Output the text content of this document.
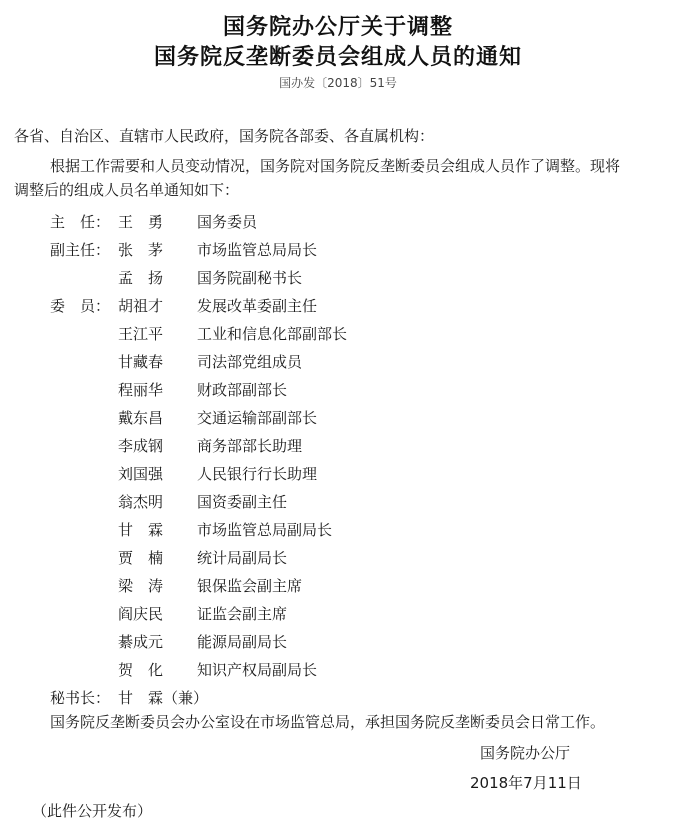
国务院办公厅关于调整
国务院反垄断委员会组成人员的通知
国办发〔2018〕51号
各省、自治区、直辖市人民政府，国务院各部委、各直属机构：
根据工作需要和人员变动情况，国务院对国务院反垄断委员会组成人员作了调整。现将
调整后的组成人员名单通知如下：
主　任： 王　勇 国务委员
副主任： 张　茅 市场监管总局局长
孟　扬 国务院副秘书长
委　员： 胡祖才 发展改革委副主任
王江平 工业和信息化部副部长
甘藏春 司法部党组成员
程丽华 财政部副部长
戴东昌 交通运输部副部长
李成钢 商务部部长助理
刘国强 人民银行行长助理
翁杰明 国资委副主任
甘　霖 市场监管总局副局长
贾　楠 统计局副局长
梁　涛 银保监会副主席
阎庆民 证监会副主席
綦成元 能源局副局长
贺　化 知识产权局副局长
秘书长： 甘　霖（兼）
国务院反垄断委员会办公室设在市场监管总局，承担国务院反垄断委员会日常工作。
国务院办公厅
2018年7月11日
（此件公开发布）
